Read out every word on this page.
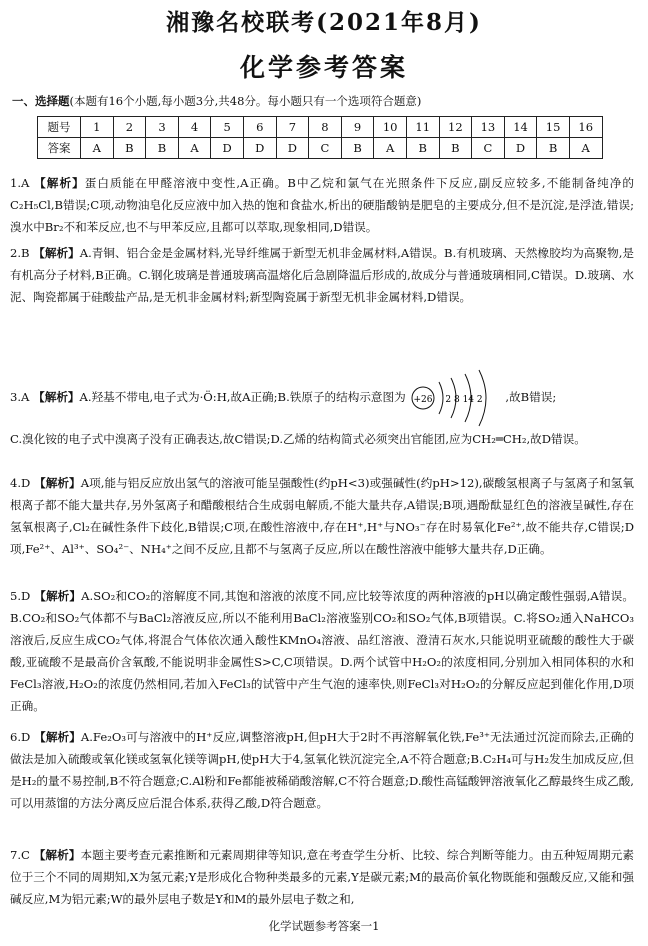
湘豫名校联考(2021年8月)
化学参考答案
一、选择题(本题有16个小题,每小题3分,共48分。每小题只有一个选项符合题意)
题号	1	2	3	4	5	6	7	8	9	10	11	12	13	14	15	16
答案	A	B	B	A	D	D	D	C	B	A	B	B	C	D	B	A
1.A 【解析】蛋白质能在甲醛溶液中变性,A正确。B中乙烷和氯气在光照条件下反应,副反应较多,不能制备纯净的C₂H₅Cl,B错误;C项,动物油皂化反应液中加入热的饱和食盐水,析出的硬脂酸钠是肥皂的主要成分,但不是沉淀,是浮渣,错误;溴水中Br₂不和苯反应,也不与甲苯反应,且都可以萃取,现象相同,D错误。
2.B 【解析】A.青铜、铝合金是金属材料,光导纤维属于新型无机非金属材料,A错误。B.有机玻璃、天然橡胶均为高聚物,是有机高分子材料,B正确。C.钢化玻璃是普通玻璃高温熔化后急剧降温后形成的,故成分与普通玻璃相同,C错误。D.玻璃、水泥、陶瓷都属于硅酸盐产品,是无机非金属材料;新型陶瓷属于新型无机非金属材料,D错误。
3.A 【解析】A.羟基不带电,电子式为·Ö:H,故A正确;B.铁原子的结构示意图为 +26 2 8 14 2 ,故B错误;
C.溴化铵的电子式中溴离子没有正确表达,故C错误;D.乙烯的结构简式必须突出官能团,应为CH₂═CH₂,故D错误。
4.D 【解析】A项,能与铝反应放出氢气的溶液可能呈强酸性(约pH<3)或强碱性(约pH>12),碳酸氢根离子与氢离子和氢氧根离子都不能大量共存,另外氢离子和醋酸根结合生成弱电解质,不能大量共存,A错误;B项,遇酚酞显红色的溶液呈碱性,存在氢氧根离子,Cl₂在碱性条件下歧化,B错误;C项,在酸性溶液中,存在H⁺,H⁺与NO₃⁻存在时易氧化Fe²⁺,故不能共存,C错误;D项,Fe²⁺、Al³⁺、SO₄²⁻、NH₄⁺之间不反应,且都不与氢离子反应,所以在酸性溶液中能够大量共存,D正确。
5.D 【解析】A.SO₂和CO₂的溶解度不同,其饱和溶液的浓度不同,应比较等浓度的两种溶液的pH以确定酸性强弱,A错误。B.CO₂和SO₂气体都不与BaCl₂溶液反应,所以不能利用BaCl₂溶液鉴别CO₂和SO₂气体,B项错误。C.将SO₂通入NaHCO₃溶液后,反应生成CO₂气体,将混合气体依次通入酸性KMnO₄溶液、品红溶液、澄清石灰水,只能说明亚硫酸的酸性大于碳酸,亚硫酸不是最高价含氧酸,不能说明非金属性S>C,C项错误。D.两个试管中H₂O₂的浓度相同,分别加入相同体积的水和FeCl₃溶液,H₂O₂的浓度仍然相同,若加入FeCl₃的试管中产生气泡的速率快,则FeCl₃对H₂O₂的分解反应起到催化作用,D项正确。
6.D 【解析】A.Fe₂O₃可与溶液中的H⁺反应,调整溶液pH,但pH大于2时不再溶解氧化铁,Fe³⁺无法通过沉淀而除去,正确的做法是加入硫酸或氧化镁或氢氧化镁等调pH,使pH大于4,氢氧化铁沉淀完全,A不符合题意;B.C₂H₄可与H₂发生加成反应,但是H₂的量不易控制,B不符合题意;C.Al粉和Fe都能被稀硝酸溶解,C不符合题意;D.酸性高锰酸钾溶液氧化乙醇最终生成乙酸,可以用蒸馏的方法分离反应后混合体系,获得乙酸,D符合题意。
7.C 【解析】本题主要考查元素推断和元素周期律等知识,意在考查学生分析、比较、综合判断等能力。由五种短周期元素位于三个不同的周期知,X为氢元素;Y是形成化合物种类最多的元素,Y是碳元素;M的最高价氧化物既能和强酸反应,又能和强碱反应,M为铝元素;W的最外层电子数是Y和M的最外层电子数之和,
化学试题参考答案一1
